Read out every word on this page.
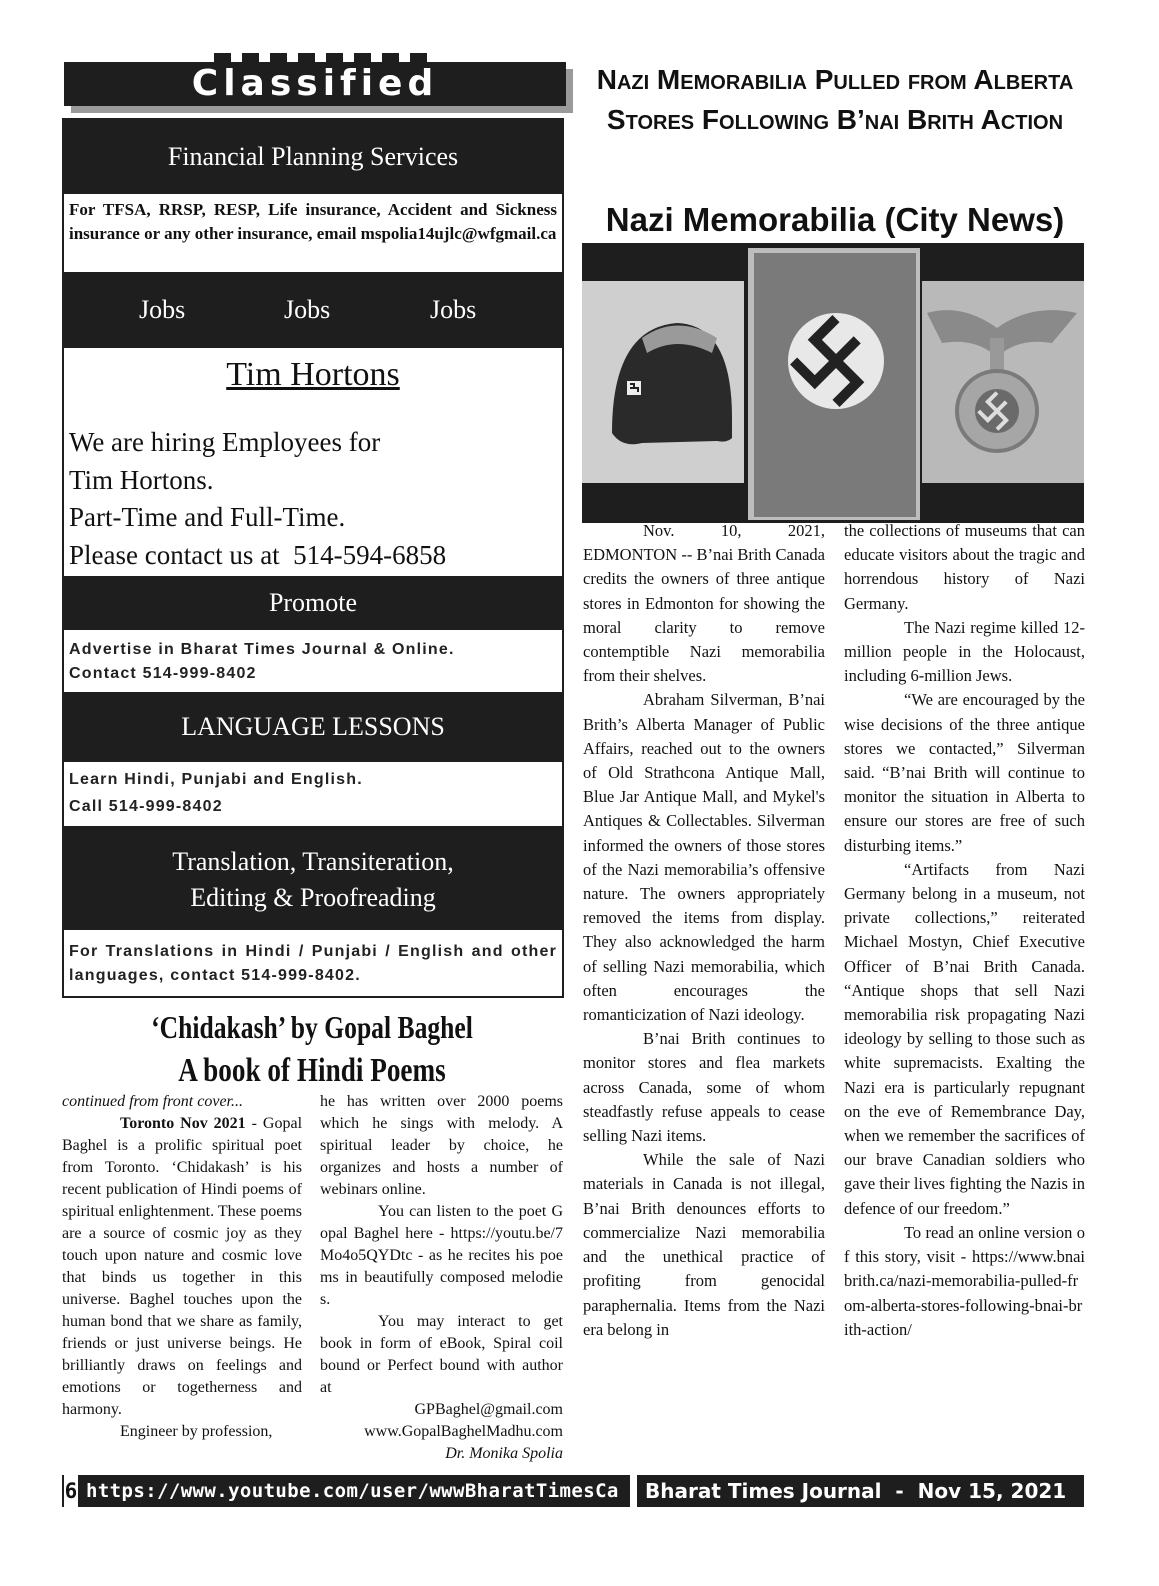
Classified
Financial Planning Services
For TFSA, RRSP, RESP, Life insurance, Accident and Sickness insurance or any other insurance, email mspolia14ujlc@wfgmail.ca
Jobs	Jobs	Jobs
Tim Hortons
We are hiring Employees for
Tim Hortons.
Part-Time and Full-Time.
Please contact us at  514-594-6858
Promote
Advertise in Bharat Times Journal & Online.
Contact 514-999-8402
LANGUAGE LESSONS
Learn Hindi, Punjabi and English.
Call 514-999-8402
Translation, Transiteration,
Editing & Proofreading
For Translations in Hindi / Punjabi / English and other languages, contact 514-999-8402.
‘Chidakash’ by Gopal Baghel
A book of Hindi Poems

continued from front cover...

Toronto Nov 2021 - Gopal Baghel is a prolific spiritual poet from Toronto. ‘Chidakash’ is his recent publication of Hindi poems of spiritual enlightenment. These poems are a source of cosmic joy as they touch upon nature and cosmic love that binds us together in this universe. Baghel touches upon the human bond that we share as family, friends or just universe beings. He brilliantly draws on feelings and emotions or togetherness and harmony.

Engineer by profession,

he has written over 2000 poems which he sings with melody. A spiritual leader by choice, he organizes and hosts a number of webinars online.

You can listen to the poet Gopal Baghel here - https://youtu.be/7Mo4o5QYDtc - as he recites his poems in beautifully composed melodies.

You may interact to get book in form of eBook, Spiral coil bound or Perfect bound with author at

GPBaghel@gmail.com

www.GopalBaghelMadhu.com

Dr. Monika Spolia

Nazi Memorabilia Pulled from Alberta Stores Following B’nai Brith Action
Nazi Memorabilia (City News)

Nov. 10, 2021, EDMONTON -- B’nai Brith Canada credits the owners of three antique stores in Edmonton for showing the moral clarity to remove contemptible Nazi memorabilia from their shelves.

Abraham Silverman, B’nai Brith’s Alberta Manager of Public Affairs, reached out to the owners of Old Strathcona Antique Mall, Blue Jar Antique Mall, and Mykel's Antiques & Collectables. Silverman informed the owners of those stores of the Nazi memorabilia’s offensive nature. The owners appropriately removed the items from display. They also acknowledged the harm of selling Nazi memorabilia, which often encourages the romanticization of Nazi ideology.

B’nai Brith continues to monitor stores and flea markets across Canada, some of whom steadfastly refuse appeals to cease selling Nazi items.

While the sale of Nazi materials in Canada is not illegal, B’nai Brith denounces efforts to commercialize Nazi memorabilia and the unethical practice of profiting from genocidal paraphernalia. Items from the Nazi era belong in

the collections of museums that can educate visitors about the tragic and horrendous history of Nazi Germany.

The Nazi regime killed 12-million people in the Holocaust, including 6-million Jews.

“We are encouraged by the wise decisions of the three antique stores we contacted,” Silverman said. “B’nai Brith will continue to monitor the situation in Alberta to ensure our stores are free of such disturbing items.”

“Artifacts from Nazi Germany belong in a museum, not private collections,” reiterated Michael Mostyn, Chief Executive Officer of B’nai Brith Canada. “Antique shops that sell Nazi memorabilia risk propagating Nazi ideology by selling to those such as white supremacists. Exalting the Nazi era is particularly repugnant on the eve of Remembrance Day, when we remember the sacrifices of our brave Canadian soldiers who gave their lives fighting the Nazis in defence of our freedom.”

To read an online version of this story, visit - https://www.bnaibrith.ca/nazi-memorabilia-pulled-from-alberta-stores-following-bnai-brith-action/

6 https://www.youtube.com/user/wwwBharatTimesCa Bharat Times Journal  -  Nov 15, 2021
